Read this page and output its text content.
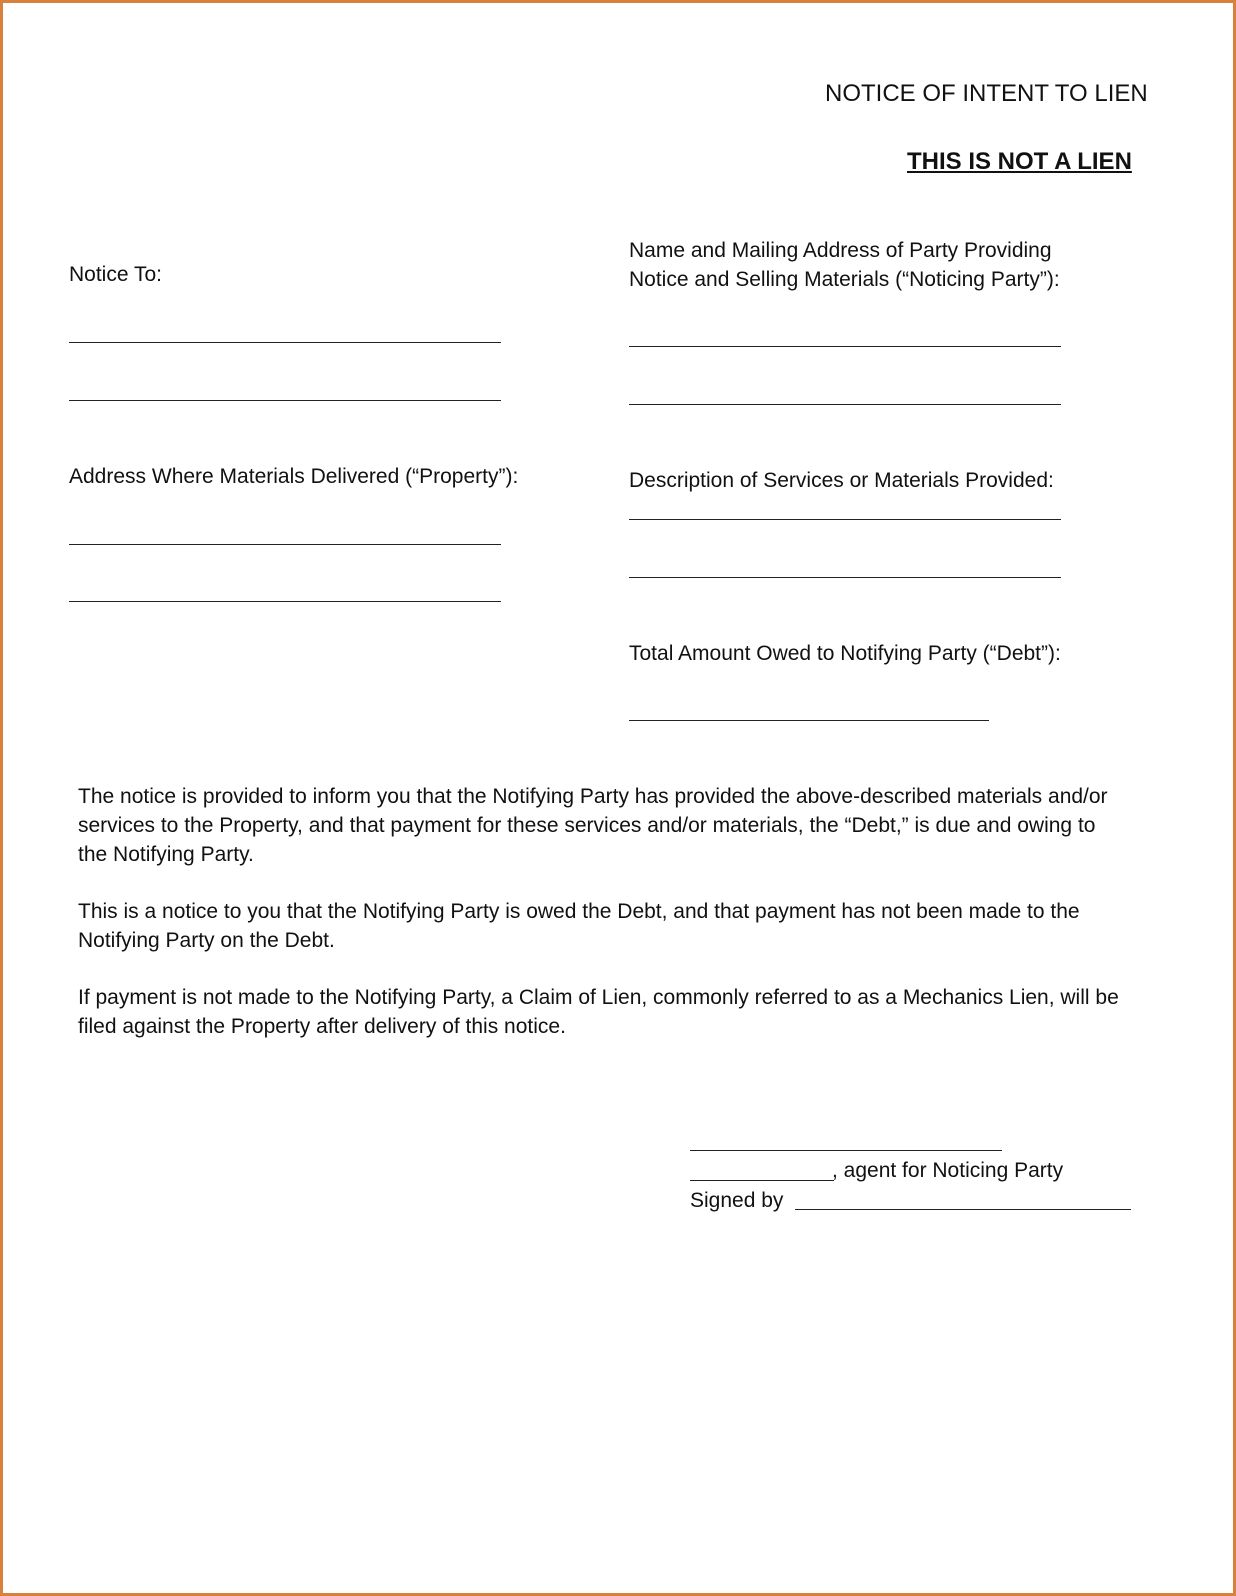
NOTICE OF INTENT TO LIEN
THIS IS NOT A LIEN
Notice To:
Address Where Materials Delivered (“Property”):
Name and Mailing Address of Party Providing
Notice and Selling Materials (“Noticing Party”):
Description of Services or Materials Provided:
Total Amount Owed to Notifying Party (“Debt”):
The notice is provided to inform you that the Notifying Party has provided the above-described materials and/or services to the Property, and that payment for these services and/or materials, the “Debt,” is due and owing to the Notifying Party.
This is a notice to you that the Notifying Party is owed the Debt, and that payment has not been made to the Notifying Party on the Debt.
If payment is not made to the Notifying Party, a Claim of Lien, commonly referred to as a Mechanics Lien, will be filed against the Property after delivery of this notice.
, agent for Noticing Party
Signed by
